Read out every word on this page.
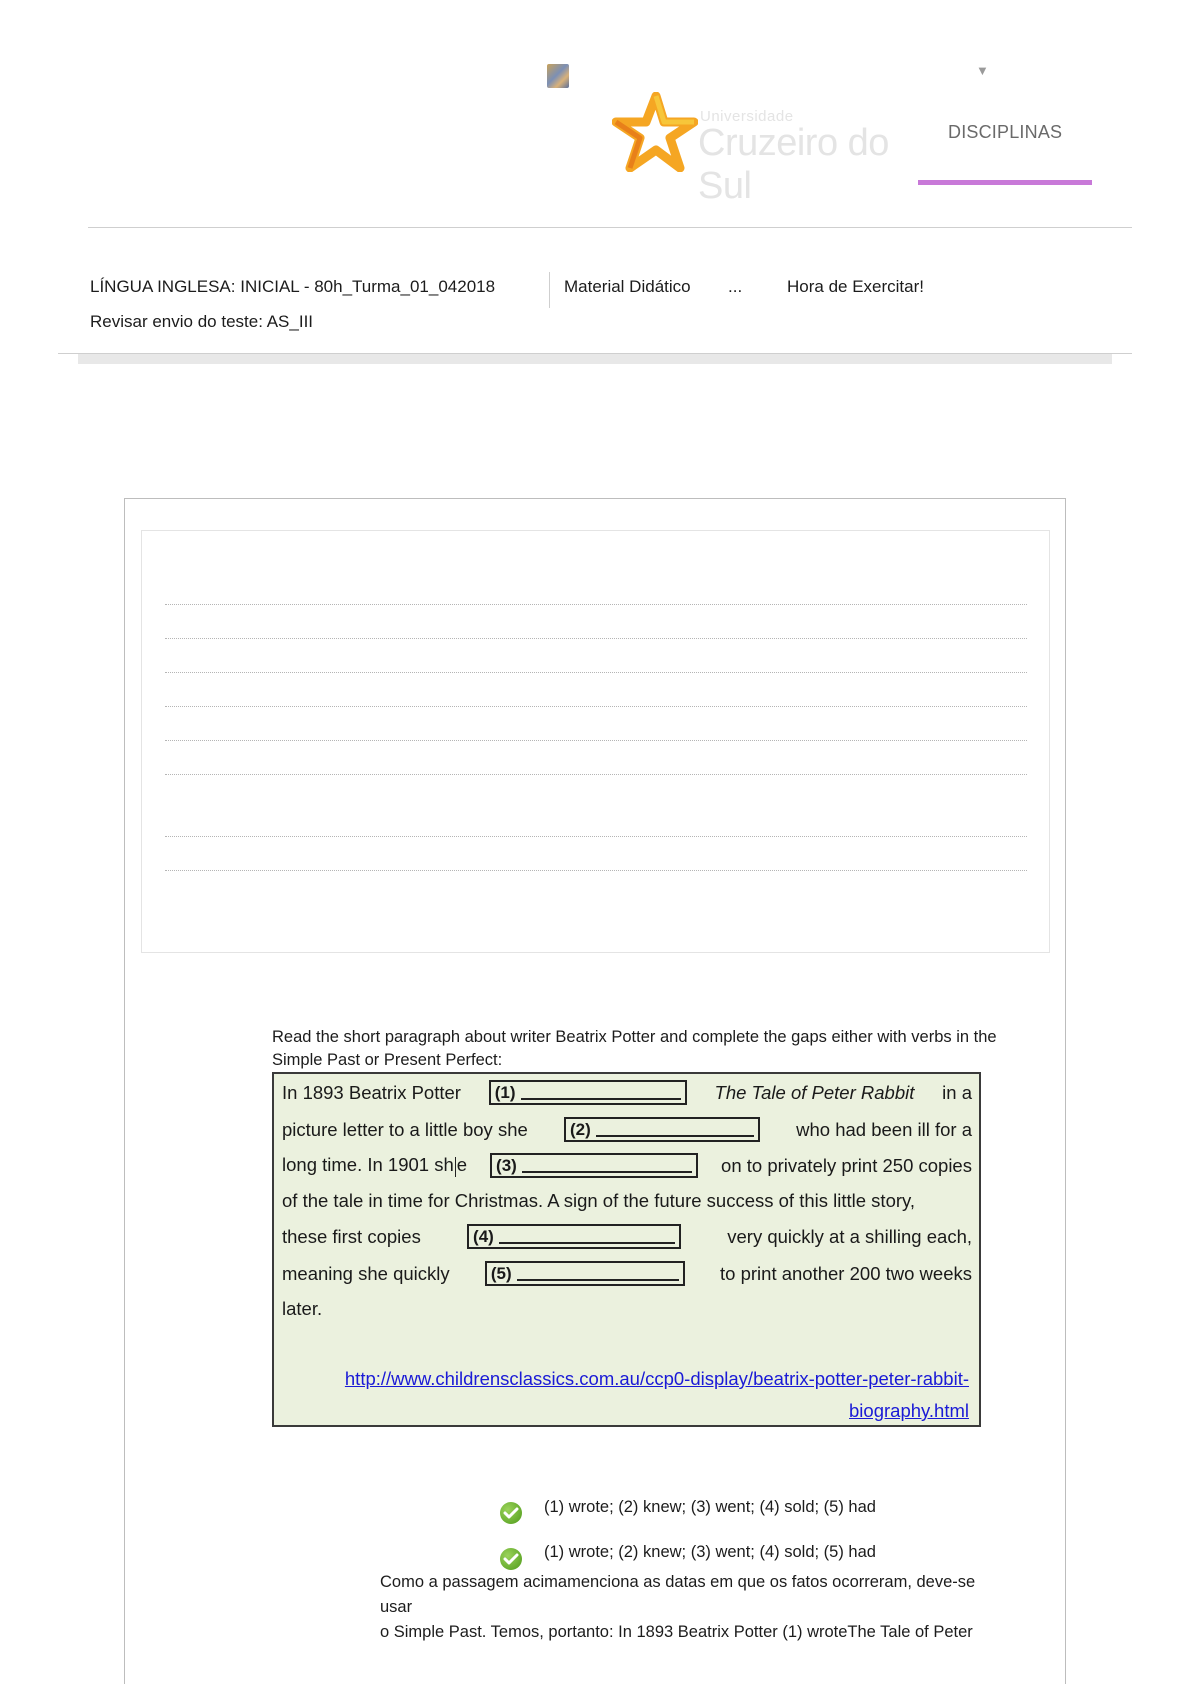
▼
Universidade
Cruzeiro do Sul
DISCIPLINAS
LÍNGUA INGLESA: INICIAL - 80h_Turma_01_042018
Revisar envio do teste: AS_III
Material Didático ...	Hora de Exercitar!
Read the short paragraph about writer Beatrix Potter and complete the gaps either with verbs in the Simple Past or Present Perfect:
In 1893 Beatrix Potter	(1)	The Tale of Peter Rabbit in a
picture letter to a little boy she	(2)	who had been ill for a
long time. In 1901 sh e	(3)	on to privately print 250 copies
of the tale in time for Christmas. A sign of the future success of this little story,
these first copies	(4)	very quickly at a shilling each,
meaning she quickly	(5)	to print another 200 two weeks
later.
http://www.childrensclassics.com.au/ccp0-display/beatrix-potter-peter-rabbit-
biography.html
(1) wrote; (2) knew; (3) went; (4) sold; (5) had
(1) wrote; (2) knew; (3) went; (4) sold; (5) had
Como a passagem acimamenciona as datas em que os fatos ocorreram, deve-se usar
o Simple Past. Temos, portanto: In 1893 Beatrix Potter (1) wroteThe Tale of Peter
